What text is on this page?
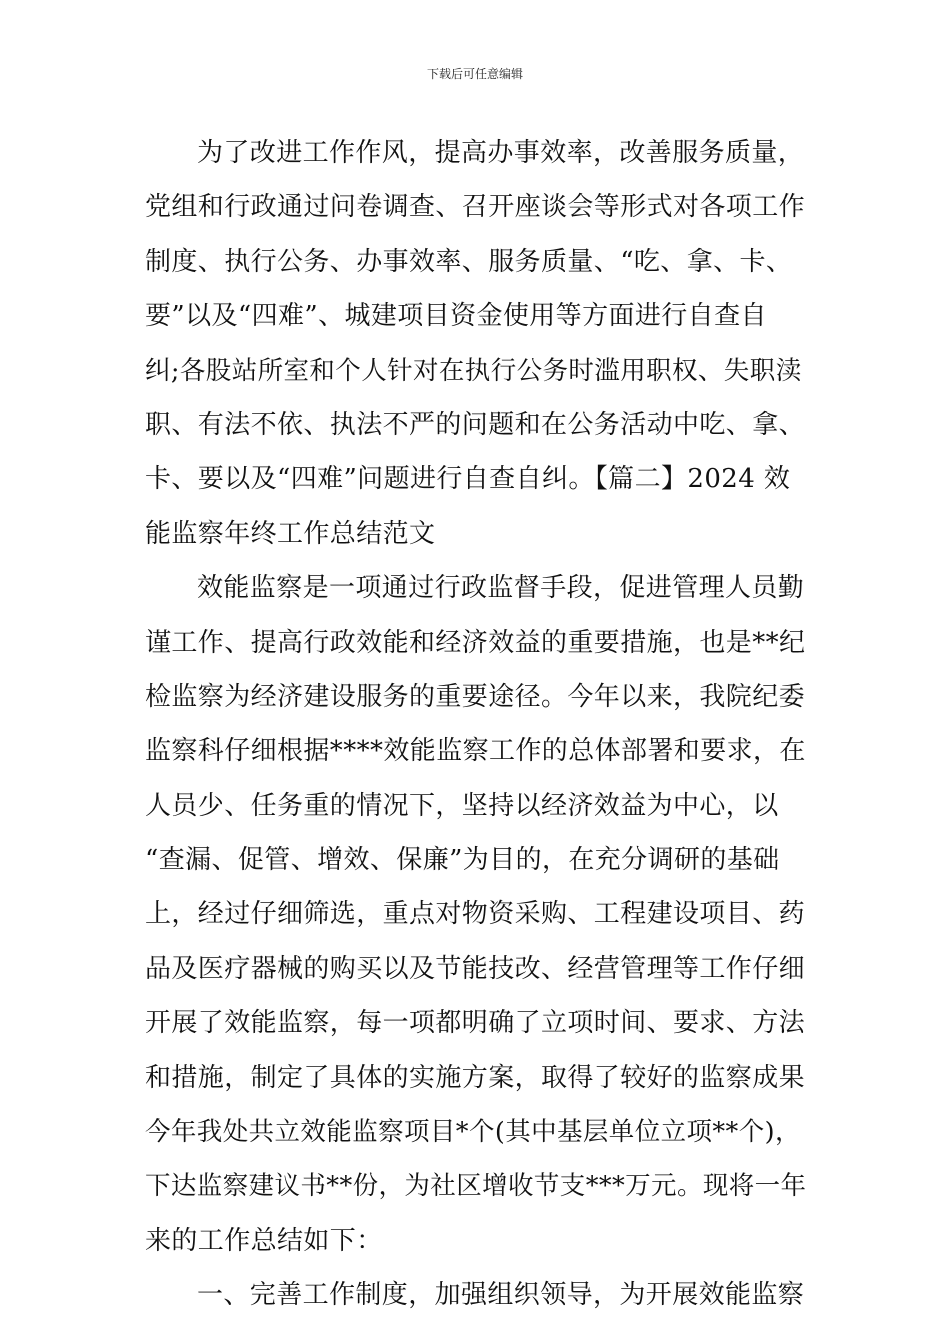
下载后可任意编辑
为了改进工作作风，提高办事效率，改善服务质量，
党组和行政通过问卷调查、召开座谈会等形式对各项工作
制度、执行公务、办事效率、服务质量、“吃、拿、卡、
要”以及“四难”、城建项目资金使用等方面进行自查自
纠;各股站所室和个人针对在执行公务时滥用职权、失职渎
职、有法不依、执法不严的问题和在公务活动中吃、拿、
卡、要以及“四难”问题进行自查自纠。【篇二】2024 效
能监察年终工作总结范文
效能监察是一项通过行政监督手段，促进管理人员勤
谨工作、提高行政效能和经济效益的重要措施，也是**纪
检监察为经济建设服务的重要途径。今年以来，我院纪委
监察科仔细根据****效能监察工作的总体部署和要求，在
人员少、任务重的情况下，坚持以经济效益为中心，以
“查漏、促管、增效、保廉”为目的，在充分调研的基础
上，经过仔细筛选，重点对物资采购、工程建设项目、药
品及医疗器械的购买以及节能技改、经营管理等工作仔细
开展了效能监察，每一项都明确了立项时间、要求、方法
和措施，制定了具体的实施方案，取得了较好的监察成果
今年我处共立效能监察项目*个(其中基层单位立项**个)，
下达监察建议书**份，为社区增收节支***万元。现将一年
来的工作总结如下：
一、完善工作制度，加强组织领导，为开展效能监察
